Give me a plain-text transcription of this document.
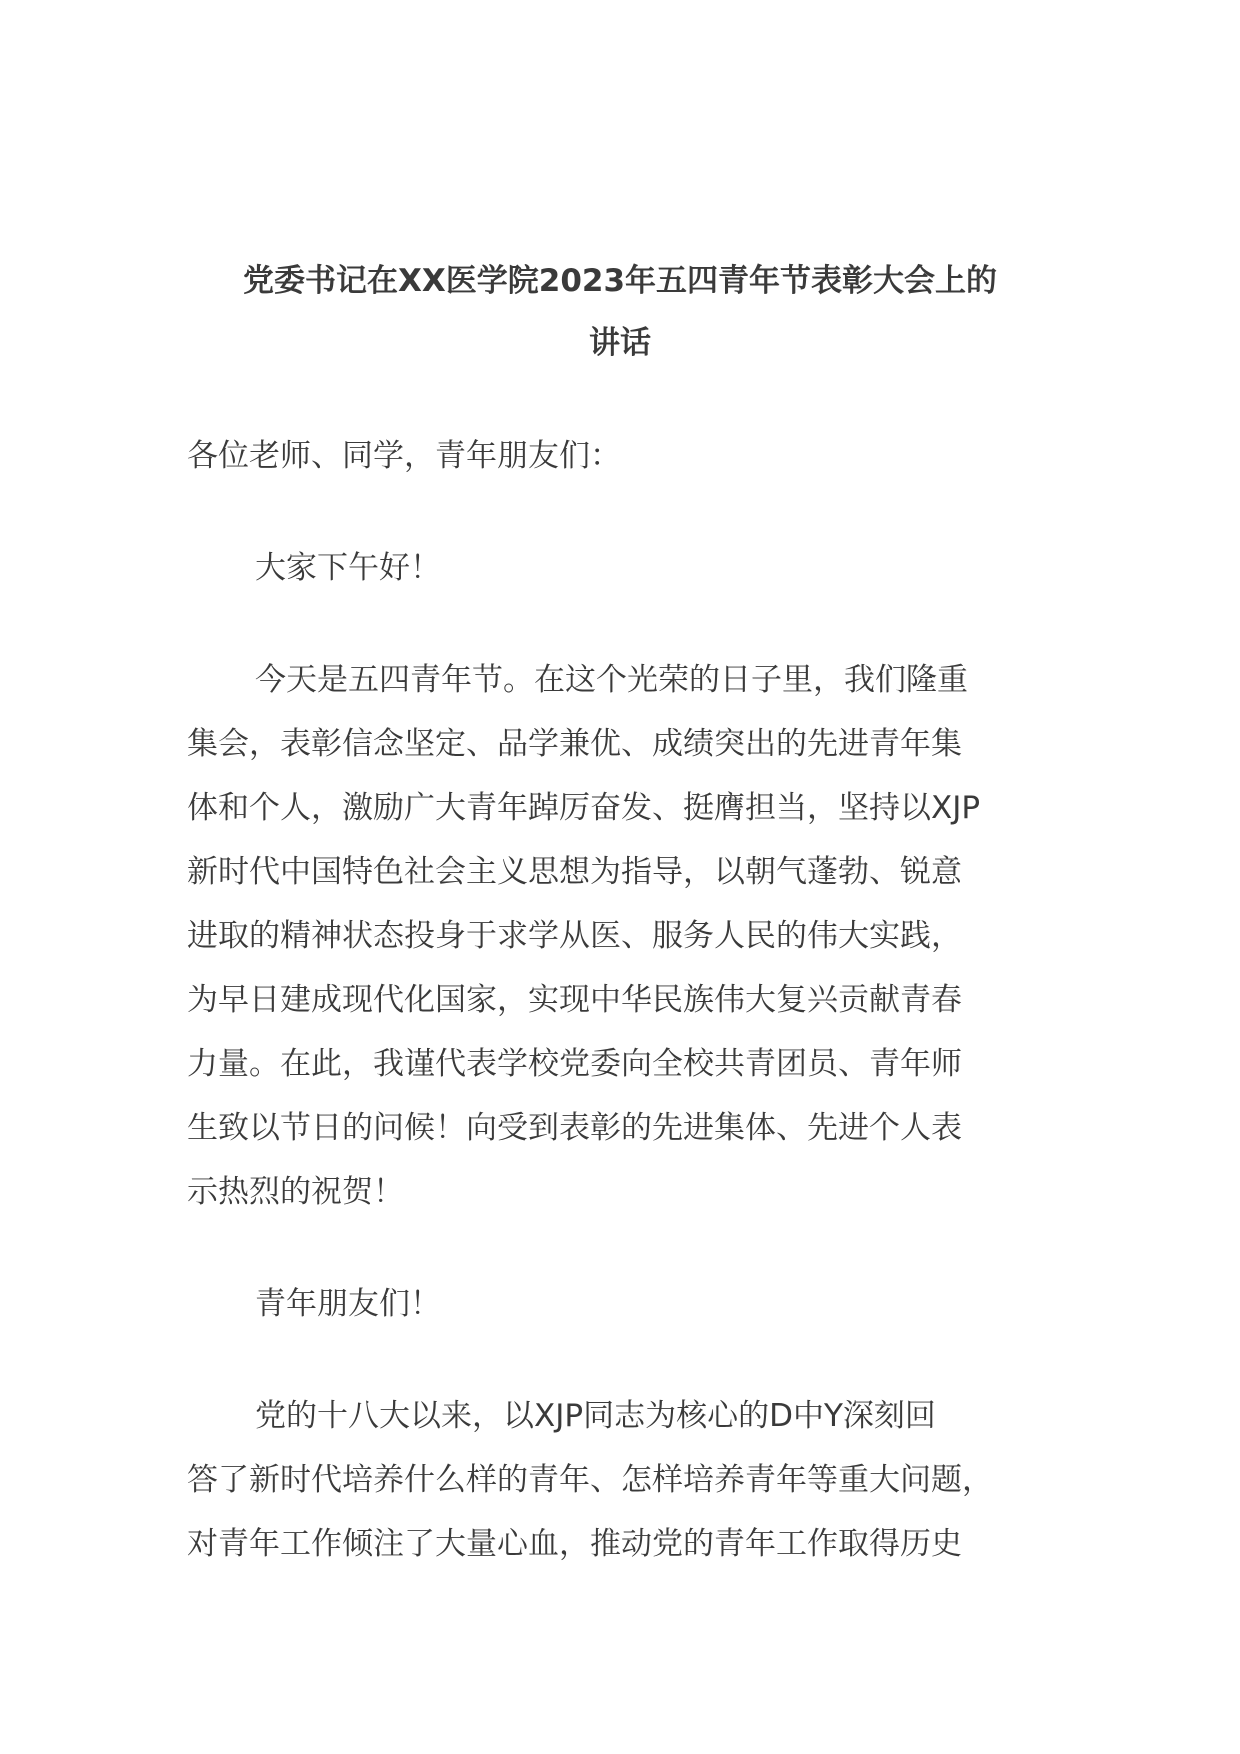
党委书记在XX医学院2023年五四青年节表彰大会上的
讲话

各位老师、同学，青年朋友们：

大家下午好！

今天是五四青年节。在这个光荣的日子里，我们隆重
集会，表彰信念坚定、品学兼优、成绩突出的先进青年集
体和个人，激励广大青年踔厉奋发、挺膺担当，坚持以XJP
新时代中国特色社会主义思想为指导，以朝气蓬勃、锐意
进取的精神状态投身于求学从医、服务人民的伟大实践，
为早日建成现代化国家，实现中华民族伟大复兴贡献青春
力量。在此，我谨代表学校党委向全校共青团员、青年师
生致以节日的问候！向受到表彰的先进集体、先进个人表
示热烈的祝贺！

青年朋友们！

党的十八大以来，以XJP同志为核心的D中Y深刻回
答了新时代培养什么样的青年、怎样培养青年等重大问题，
对青年工作倾注了大量心血，推动党的青年工作取得历史
